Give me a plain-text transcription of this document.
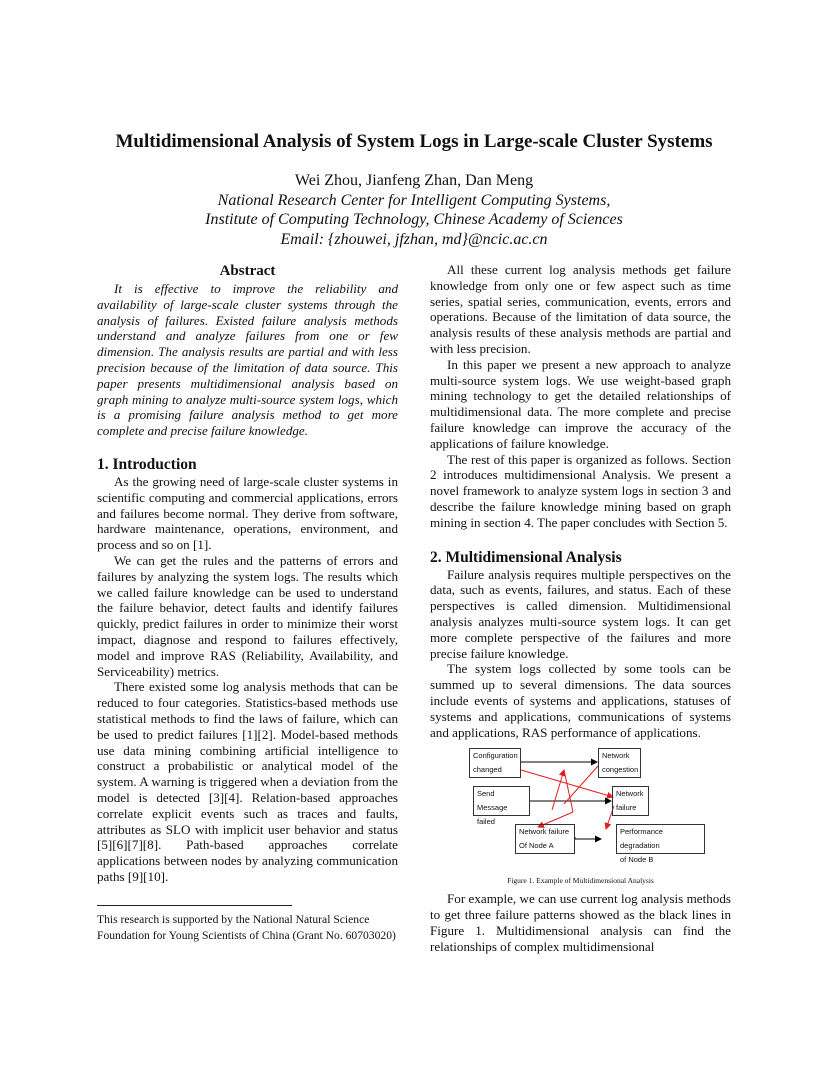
Multidimensional Analysis of System Logs in Large-scale Cluster Systems
Wei Zhou, Jianfeng Zhan, Dan Meng
National Research Center for Intelligent Computing Systems,
Institute of Computing Technology, Chinese Academy of Sciences
Email: {zhouwei, jfzhan, md}@ncic.ac.cn
Abstract

It is effective to improve the reliability and availability of large-scale cluster systems through the analysis of failures. Existed failure analysis methods understand and analyze failures from one or few dimension. The analysis results are partial and with less precision because of the limitation of data source. This paper presents multidimensional analysis based on graph mining to analyze multi-source system logs, which is a promising failure analysis method to get more complete and precise failure knowledge.

1. Introduction

As the growing need of large-scale cluster systems in scientific computing and commercial applications, errors and failures become normal. They derive from software, hardware maintenance, operations, environment, and process and so on [1].

We can get the rules and the patterns of errors and failures by analyzing the system logs. The results which we called failure knowledge can be used to understand the failure behavior, detect faults and identify failures quickly, predict failures in order to minimize their worst impact, diagnose and respond to failures effectively, model and improve RAS (Reliability, Availability, and Serviceability) metrics.

There existed some log analysis methods that can be reduced to four categories. Statistics-based methods use statistical methods to find the laws of failure, which can be used to predict failures [1][2]. Model-based methods use data mining combining artificial intelligence to construct a probabilistic or analytical model of the system. A warning is triggered when a deviation from the model is detected [3][4]. Relation-based approaches correlate explicit events such as traces and faults, attributes as SLO with implicit user behavior and status [5][6][7][8]. Path-based approaches correlate applications between nodes by analyzing communication paths [9][10].

This research is supported by the National Natural Science Foundation for Young Scientists of China (Grant No. 60703020)

All these current log analysis methods get failure knowledge from only one or few aspect such as time series, spatial series, communication, events, errors and operations. Because of the limitation of data source, the analysis results of these analysis methods are partial and with less precision.

In this paper we present a new approach to analyze multi-source system logs. We use weight-based graph mining technology to get the detailed relationships of multidimensional data. The more complete and precise failure knowledge can improve the accuracy of the applications of failure knowledge.

The rest of this paper is organized as follows. Section 2 introduces multidimensional Analysis. We present a novel framework to analyze system logs in section 3 and describe the failure knowledge mining based on graph mining in section 4. The paper concludes with Section 5.

2. Multidimensional Analysis

Failure analysis requires multiple perspectives on the data, such as events, failures, and status. Each of these perspectives is called dimension. Multidimensional analysis analyzes multi-source system logs. It can get more complete perspective of the failures and more precise failure knowledge.

The system logs collected by some tools can be summed up to several dimensions. The data sources include events of systems and applications, statuses of systems and applications, communications of systems and applications, RAS performance of applications.

Configuration
changed
Network
congestion
Send Message
failed
Network
failure
Network failure
Of Node A
Performance degradation
of Node B
Figure 1. Example of Multidimensional Analysis

For example, we can use current log analysis methods to get three failure patterns showed as the black lines in Figure 1. Multidimensional analysis can find the relationships of complex multidimensional
